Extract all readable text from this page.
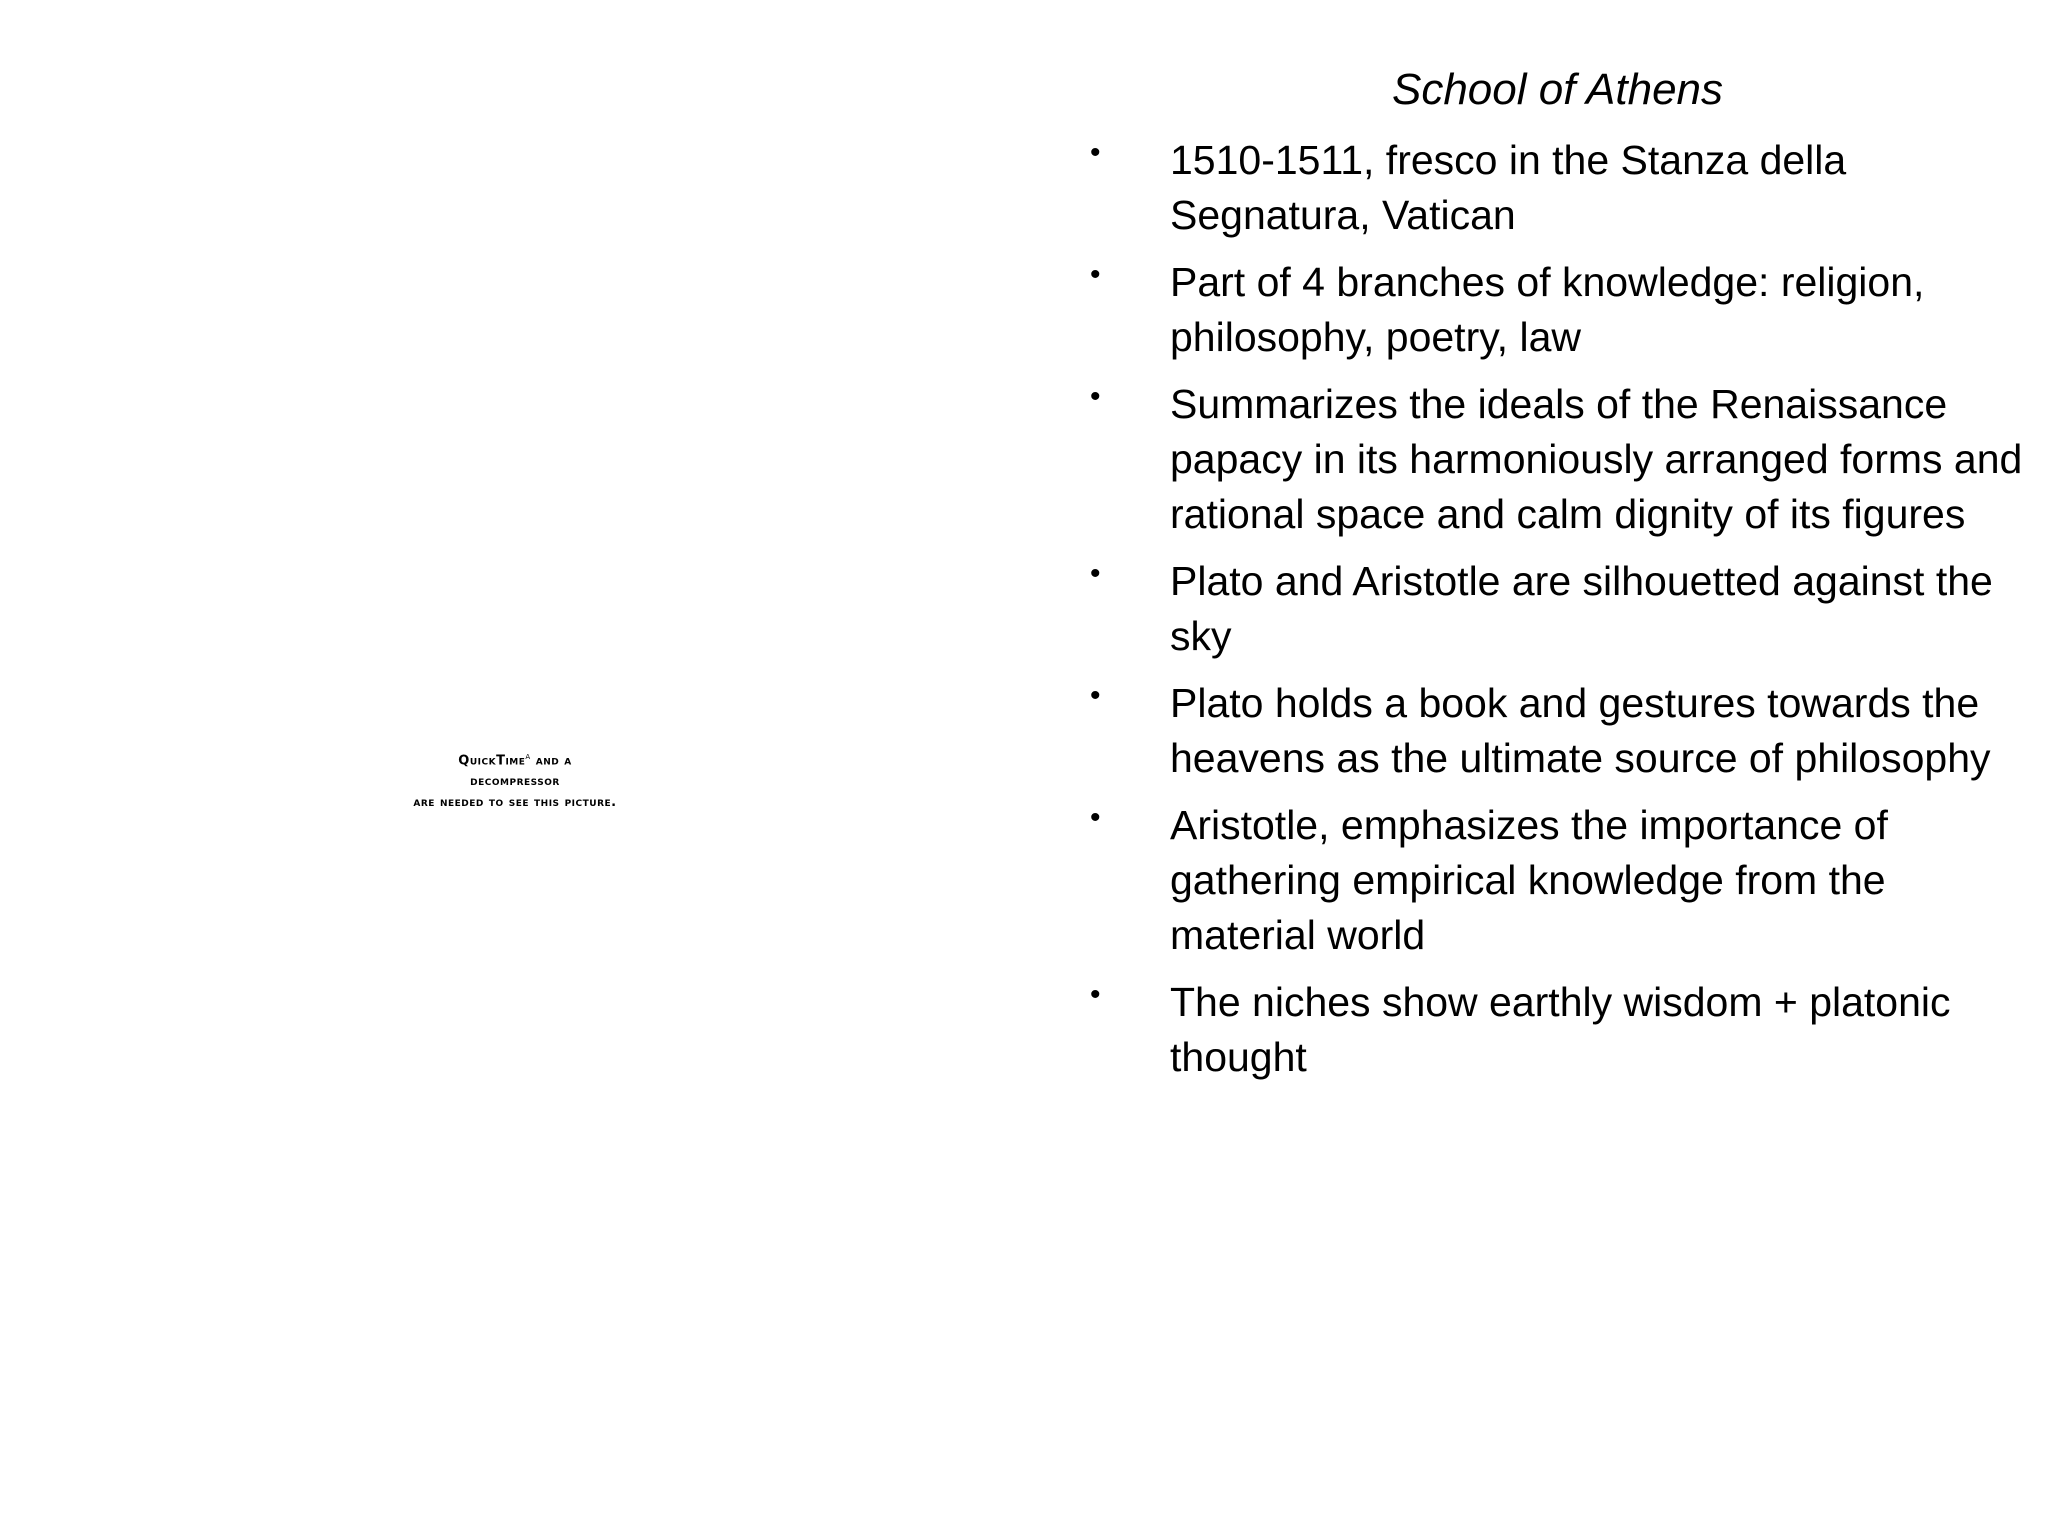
QuickTime$^a$ and a
decompressor
are needed to see this picture.
School of Athens
• 1510-1511, fresco in the Stanza della Segnatura, Vatican
• Part of 4 branches of knowledge: religion, philosophy, poetry, law
• Summarizes the ideals of the Renaissance papacy in its harmoniously arranged forms and rational space and calm dignity of its figures
• Plato and Aristotle are silhouetted against the sky
• Plato holds a book and gestures towards the heavens as the ultimate source of philosophy
• Aristotle, emphasizes the importance of gathering empirical knowledge from the material world
• The niches show earthly wisdom + platonic thought
